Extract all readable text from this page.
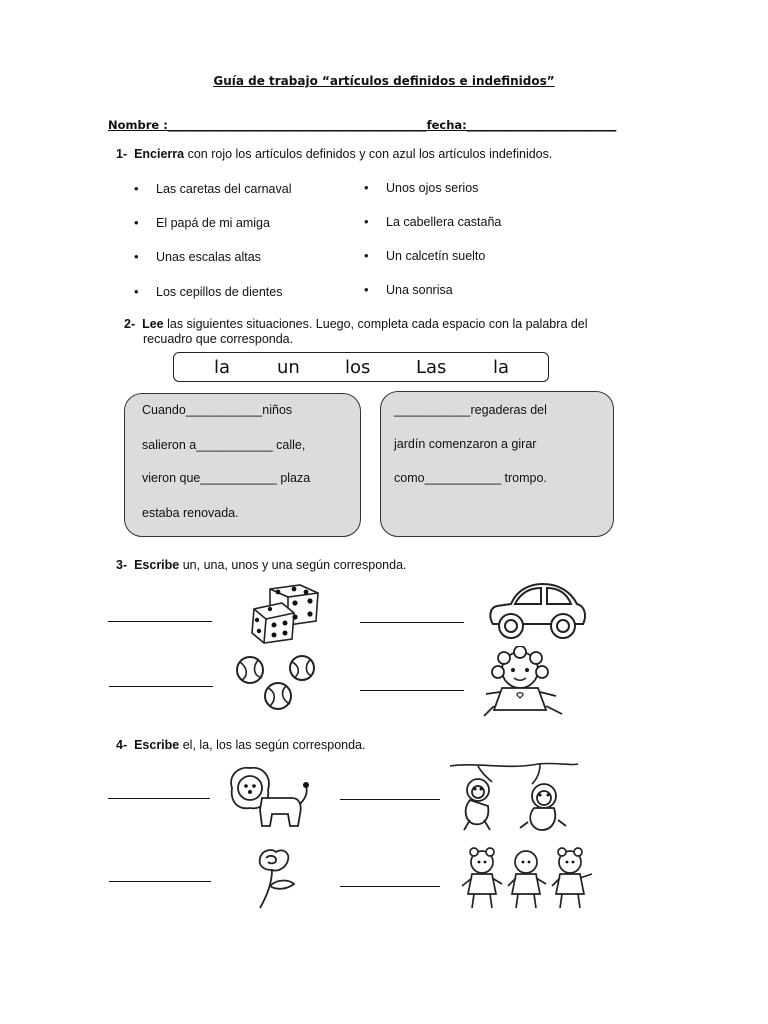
Guía de trabajo “artículos definidos e indefinidos”
Nombre :_____________________________________________fecha:__________________________
1- Encierra con rojo los artículos definidos y con azul los artículos indefinidos.
• Las caretas del carnaval
• El papá de mi amiga
• Unas escalas altas
• Los cepillos de dientes
• Unos ojos serios
• La cabellera castaña
• Un calcetín suelto
• Una sonrisa
2- Lee las siguientes situaciones. Luego, completa cada espacio con la palabra del
recuadro que corresponda.
la	un	los	Las	la
Cuando___________niños
salieron a___________ calle,
vieron que___________ plaza
estaba renovada.
___________regaderas del
jardín comenzaron a girar
como___________ trompo.
3- Escribe un, una, unos y una según corresponda.
4- Escribe el, la, los las según corresponda.
